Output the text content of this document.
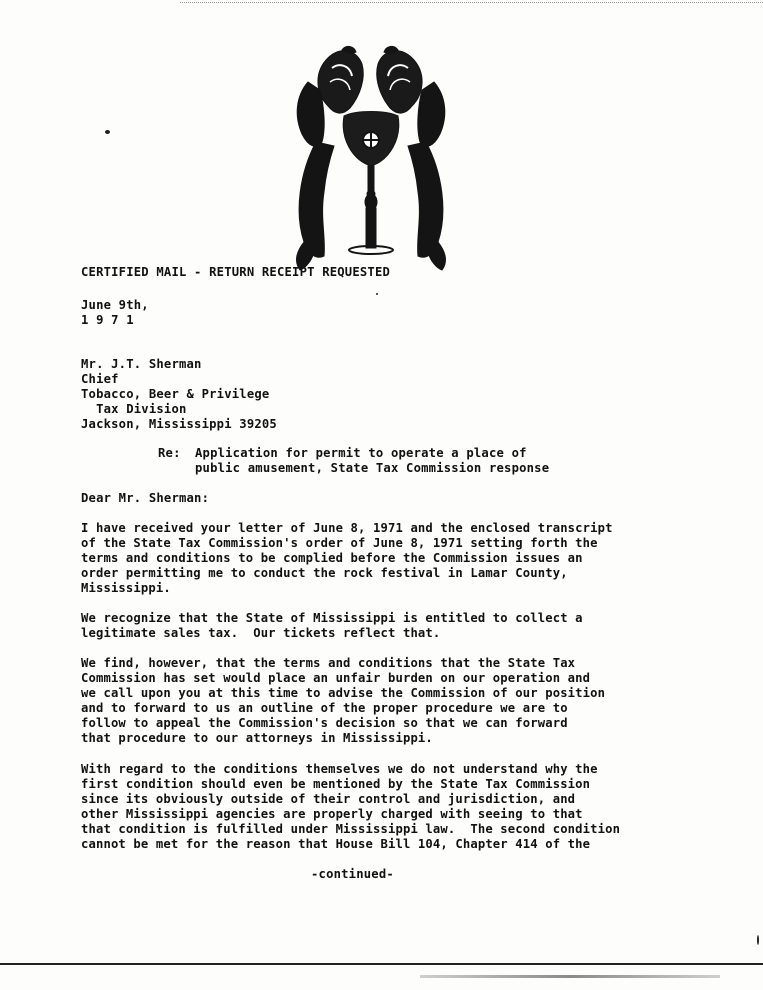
CERTIFIED MAIL - RETURN RECEIPT REQUESTED
June 9th,
1 9 7 1
Mr. J.T. Sherman
Chief
Tobacco, Beer & Privilege
Tax Division
Jackson, Mississippi 39205
Re: Application for permit to operate a place of
public amusement, State Tax Commission response
Dear Mr. Sherman:
I have received your letter of June 8, 1971 and the enclosed transcript
of the State Tax Commission's order of June 8, 1971 setting forth the
terms and conditions to be complied before the Commission issues an
order permitting me to conduct the rock festival in Lamar County,
Mississippi.
We recognize that the State of Mississippi is entitled to collect a
legitimate sales tax.  Our tickets reflect that.
We find, however, that the terms and conditions that the State Tax
Commission has set would place an unfair burden on our operation and
we call upon you at this time to advise the Commission of our position
and to forward to us an outline of the proper procedure we are to
follow to appeal the Commission's decision so that we can forward
that procedure to our attorneys in Mississippi.
With regard to the conditions themselves we do not understand why the
first condition should even be mentioned by the State Tax Commission
since its obviously outside of their control and jurisdiction, and
other Mississippi agencies are properly charged with seeing to that
that condition is fulfilled under Mississippi law.  The second condition
cannot be met for the reason that House Bill 104, Chapter 414 of the
-continued-
